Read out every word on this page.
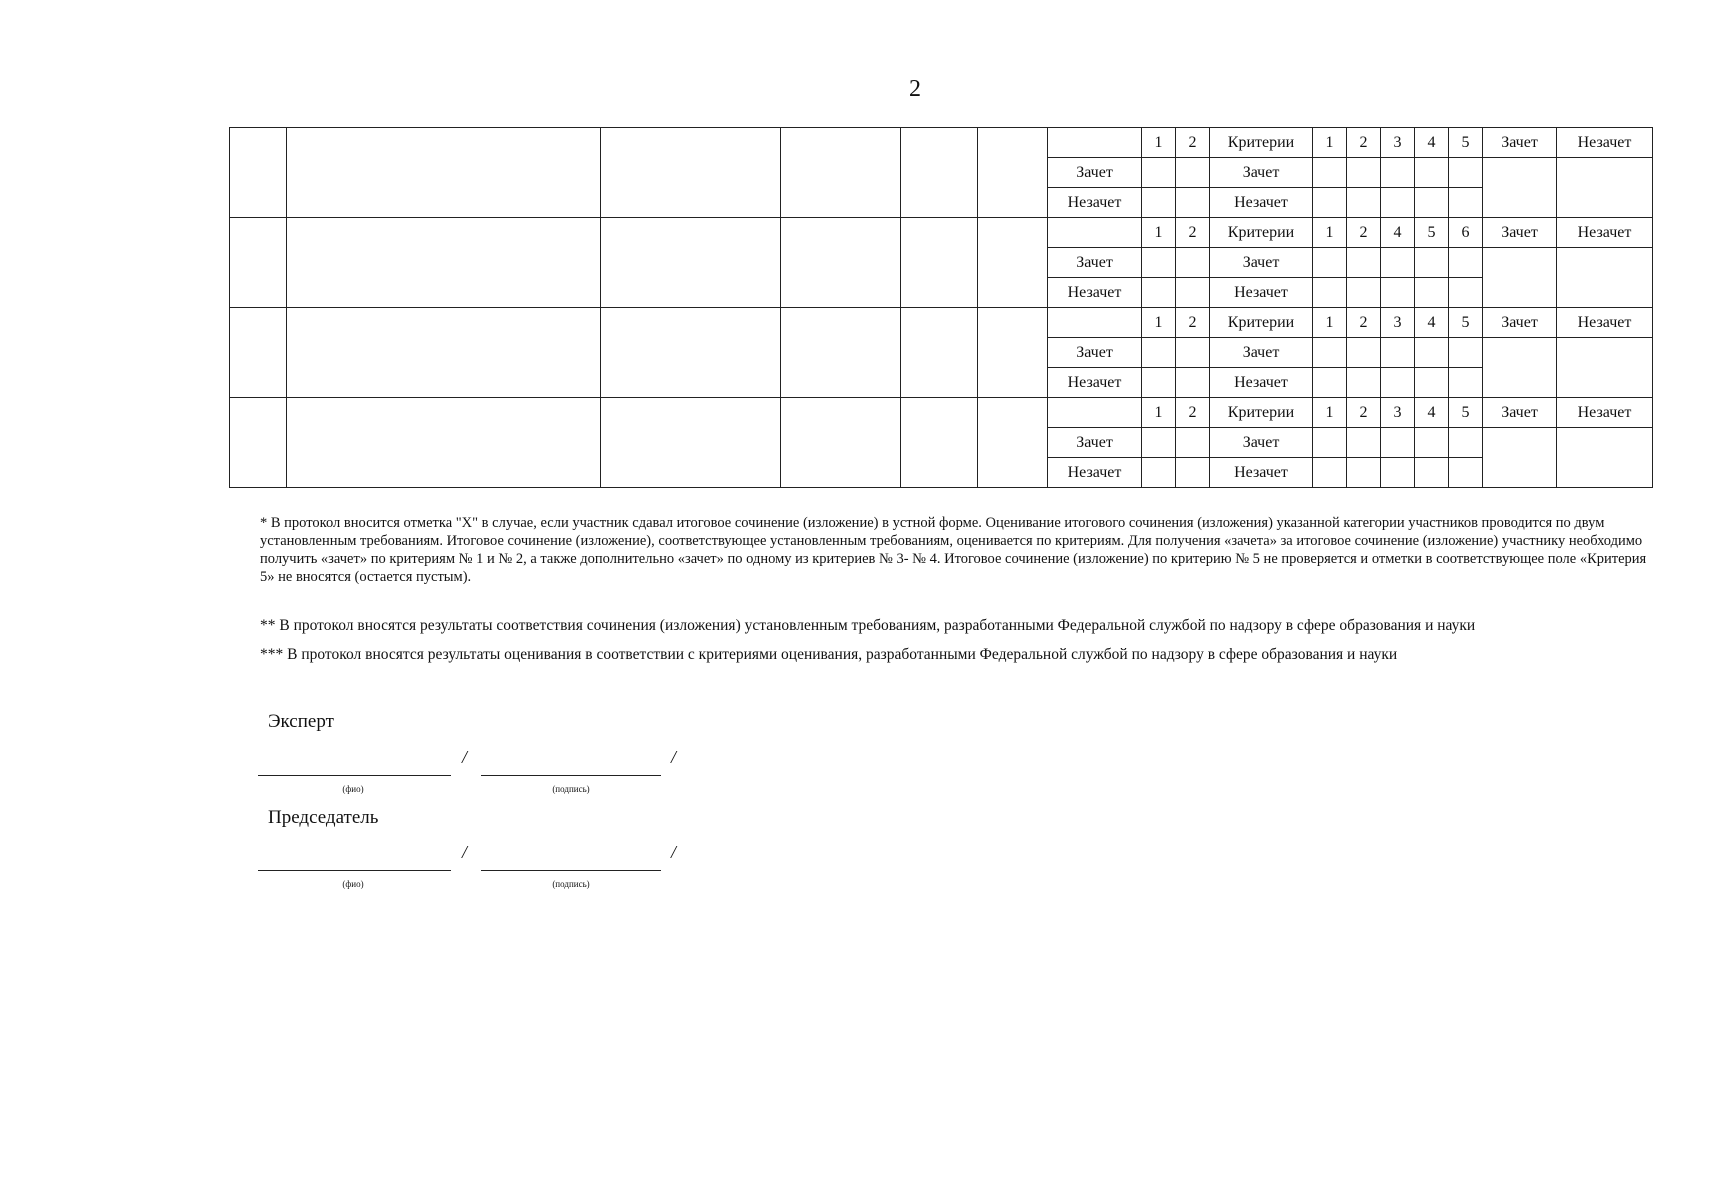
2
							1	2	Критерии	1	2	3	4	5	Зачет	Незачет
						Зачет			Зачет							
						Незачет			Незачет							
							1	2	Критерии	1	2	4	5	6	Зачет	Незачет
						Зачет			Зачет							
						Незачет			Незачет							
							1	2	Критерии	1	2	3	4	5	Зачет	Незачет
						Зачет			Зачет							
						Незачет			Незачет							
							1	2	Критерии	1	2	3	4	5	Зачет	Незачет
						Зачет			Зачет							
						Незачет			Незачет							
* В протокол вносится отметка "Х" в случае, если участник сдавал итоговое сочинение (изложение) в устной форме. Оценивание итогового сочинения (изложения) указанной категории участников проводится по двум установленным требованиям. Итоговое сочинение (изложение), соответствующее установленным требованиям, оценивается по критериям. Для получения «зачета» за итоговое сочинение (изложение) участнику необходимо получить «зачет» по критериям № 1 и № 2, а также дополнительно «зачет» по одному из критериев № 3- № 4. Итоговое сочинение (изложение) по критерию № 5 не проверяется и отметки в соответствующее поле «Критерия 5» не вносятся (остается пустым).
** В протокол вносятся результаты соответствия сочинения (изложения) установленным требованиям, разработанными Федеральной службой по надзору в сфере образования и науки
*** В протокол вносятся результаты оценивания в соответствии с критериями оценивания, разработанными Федеральной службой по надзору в сфере образования и науки
Эксперт
/	/
(фио)	(подпись)
Председатель
/	/
(фио)	(подпись)
